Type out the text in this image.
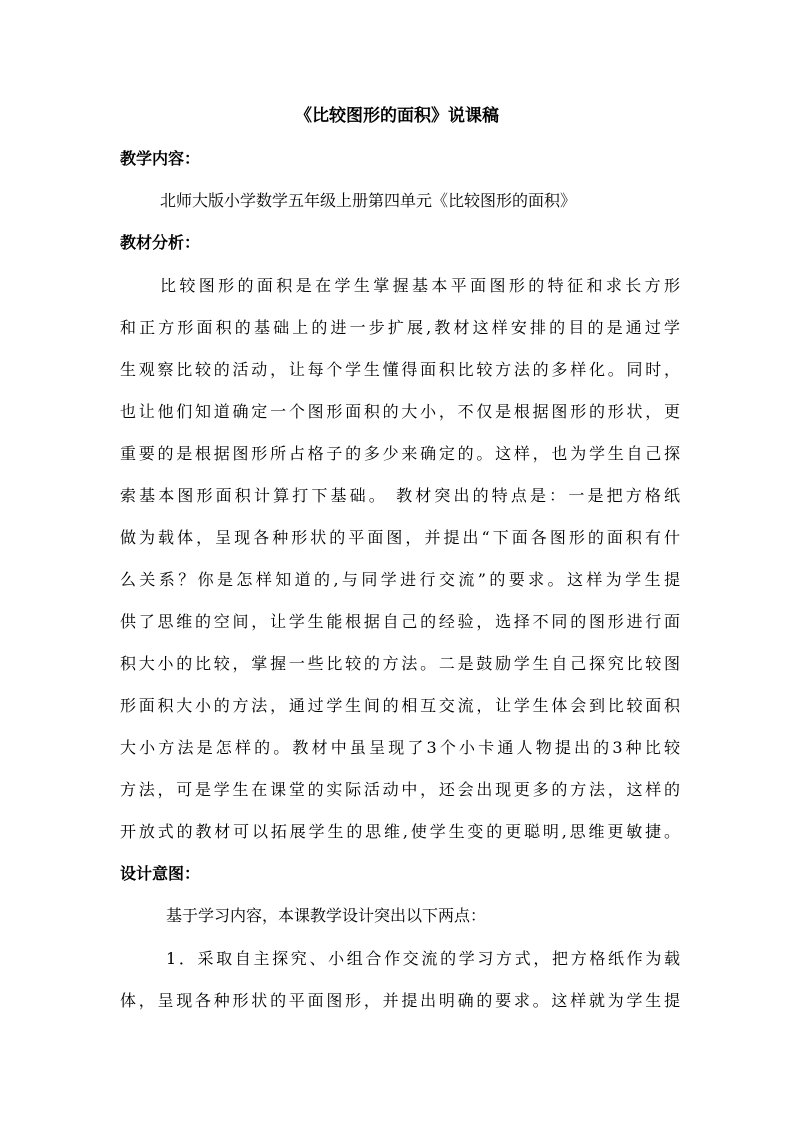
《比较图形的面积》说课稿
教学内容：
北师大版小学数学五年级上册第四单元《比较图形的面积》
教材分析：
比较图形的面积是在学生掌握基本平面图形的特征和求长方形
和正方形面积的基础上的进一步扩展,教材这样安排的目的是通过学
生观察比较的活动，让每个学生懂得面积比较方法的多样化。同时，
也让他们知道确定一个图形面积的大小，不仅是根据图形的形状，更
重要的是根据图形所占格子的多少来确定的。这样，也为学生自己探
索基本图形面积计算打下基础。 教材突出的特点是：一是把方格纸
做为载体，呈现各种形状的平面图，并提出“下面各图形的面积有什
么关系？你是怎样知道的,与同学进行交流”的要求。这样为学生提
供了思维的空间，让学生能根据自己的经验，选择不同的图形进行面
积大小的比较，掌握一些比较的方法。二是鼓励学生自己探究比较图
形面积大小的方法，通过学生间的相互交流，让学生体会到比较面积
大小方法是怎样的。教材中虽呈现了3个小卡通人物提出的3种比较
方法，可是学生在课堂的实际活动中，还会出现更多的方法，这样的
开放式的教材可以拓展学生的思维,使学生变的更聪明,思维更敏捷。
设计意图：
基于学习内容，本课教学设计突出以下两点：
1．采取自主探究、小组合作交流的学习方式，把方格纸作为载
体，呈现各种形状的平面图形，并提出明确的要求。这样就为学生提
